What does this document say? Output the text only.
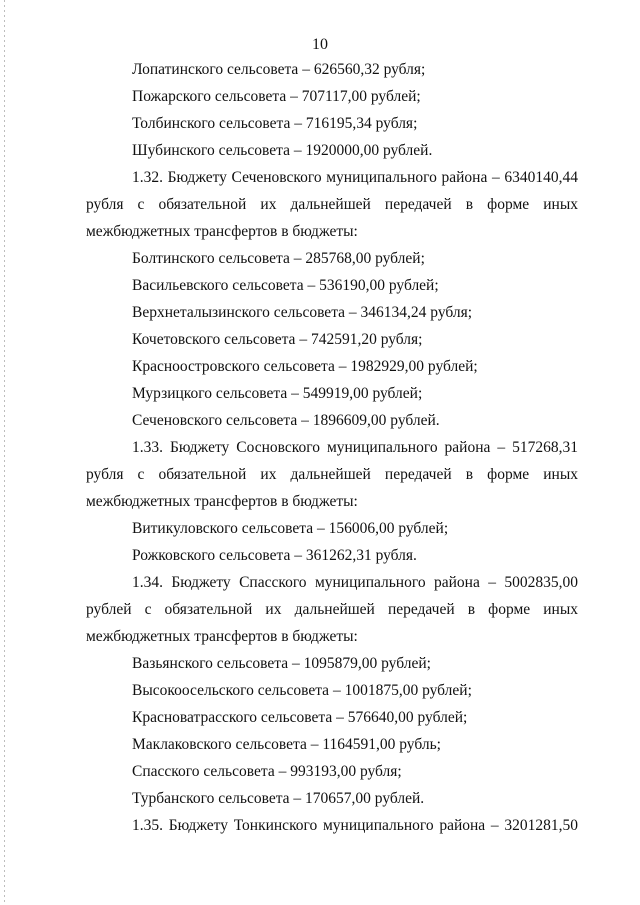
10
Лопатинского сельсовета – 626560,32 рубля;
Пожарского сельсовета – 707117,00 рублей;
Толбинского сельсовета – 716195,34 рубля;
Шубинского сельсовета – 1920000,00 рублей.
1.32. Бюджету Сеченовского муниципального района – 6340140,44
рубля с обязательной их дальнейшей передачей в форме иных
межбюджетных трансфертов в бюджеты:
Болтинского сельсовета – 285768,00 рублей;
Васильевского сельсовета – 536190,00 рублей;
Верхнеталызинского сельсовета – 346134,24 рубля;
Кочетовского сельсовета – 742591,20 рубля;
Красноостровского сельсовета – 1982929,00 рублей;
Мурзицкого сельсовета – 549919,00 рублей;
Сеченовского сельсовета – 1896609,00 рублей.
1.33. Бюджету Сосновского муниципального района – 517268,31
рубля с обязательной их дальнейшей передачей в форме иных
межбюджетных трансфертов в бюджеты:
Витикуловского сельсовета – 156006,00 рублей;
Рожковского сельсовета – 361262,31 рубля.
1.34. Бюджету Спасского муниципального района – 5002835,00
рублей с обязательной их дальнейшей передачей в форме иных
межбюджетных трансфертов в бюджеты:
Вазьянского сельсовета – 1095879,00 рублей;
Высокоосельского сельсовета – 1001875,00 рублей;
Красноватрасского сельсовета – 576640,00 рублей;
Маклаковского сельсовета – 1164591,00 рубль;
Спасского сельсовета – 993193,00 рубля;
Турбанского сельсовета – 170657,00 рублей.
1.35. Бюджету Тонкинского муниципального района – 3201281,50
